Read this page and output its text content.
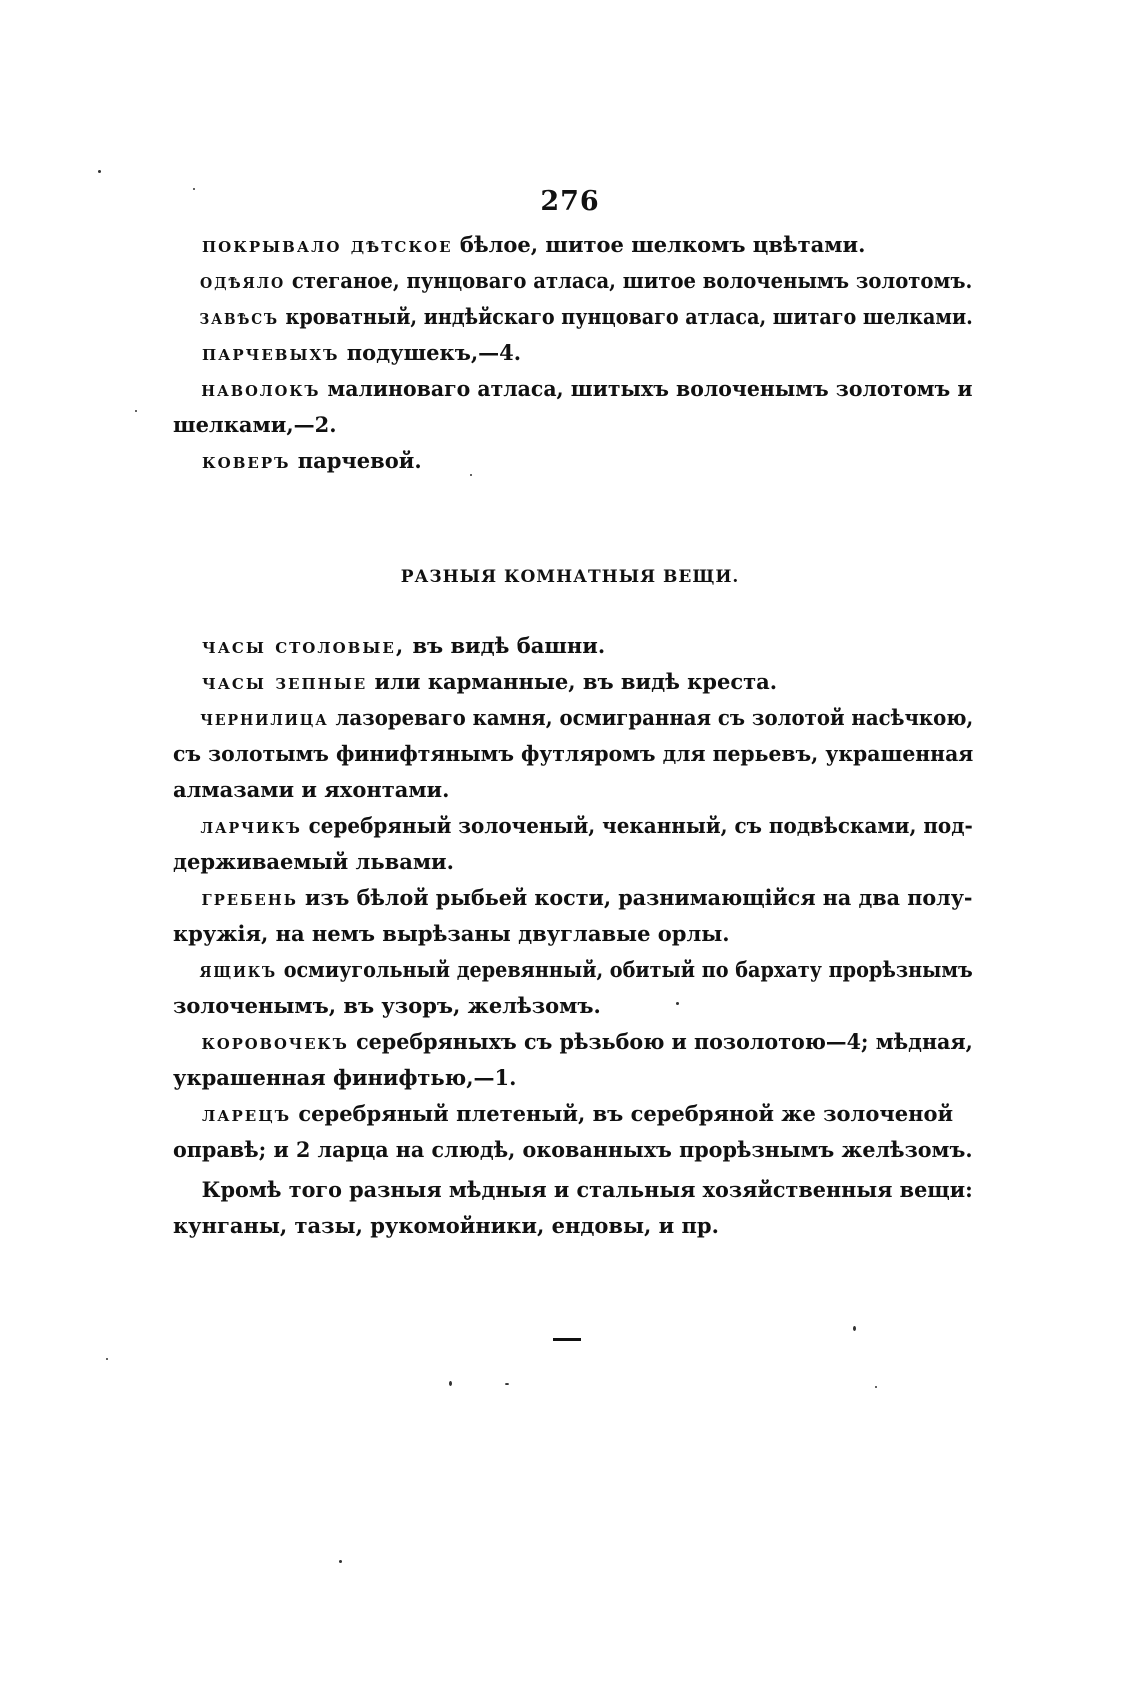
276
покрывало дѣтское бѣлое, шитое шелкомъ цвѣтами.
одѣяло стеганое, пунцоваго атласа, шитое волоченымъ золотомъ.
завѣсъ кроватный, индѣйскаго пунцоваго атласа, шитаго шелками.
парчевыхъ подушекъ,—4.
наволокъ малиноваго атласа, шитыхъ волоченымъ золотомъ и
шелками,—2.
коверъ парчевой.
РАЗНЫЯ КОМНАТНЫЯ ВЕЩИ.
часы столовые, въ видѣ башни.
часы зепные или карманные, въ видѣ креста.
чернилица лазореваго камня, осмигранная съ золотой насѣчкою,
съ золотымъ финифтянымъ футляромъ для перьевъ, украшенная
алмазами и яхонтами.
ларчикъ серебряный золоченый, чеканный, съ подвѣсками, под-
держиваемый львами.
гребень изъ бѣлой рыбьей кости, разнимающійся на два полу-
кружія, на немъ вырѣзаны двуглавые орлы.
ящикъ осмиугольный деревянный, обитый по бархату прорѣзнымъ
золоченымъ, въ узоръ, желѣзомъ.
коровочекъ серебряныхъ съ рѣзьбою и позолотою—4; мѣдная,
украшенная финифтью,—1.
ларецъ серебряный плетеный, въ серебряной же золоченой
оправѣ; и 2 ларца на слюдѣ, окованныхъ прорѣзнымъ желѣзомъ.
Кромѣ того разныя мѣдныя и стальныя хозяйственныя вещи:
кунганы, тазы, рукомойники, ендовы, и пр.
